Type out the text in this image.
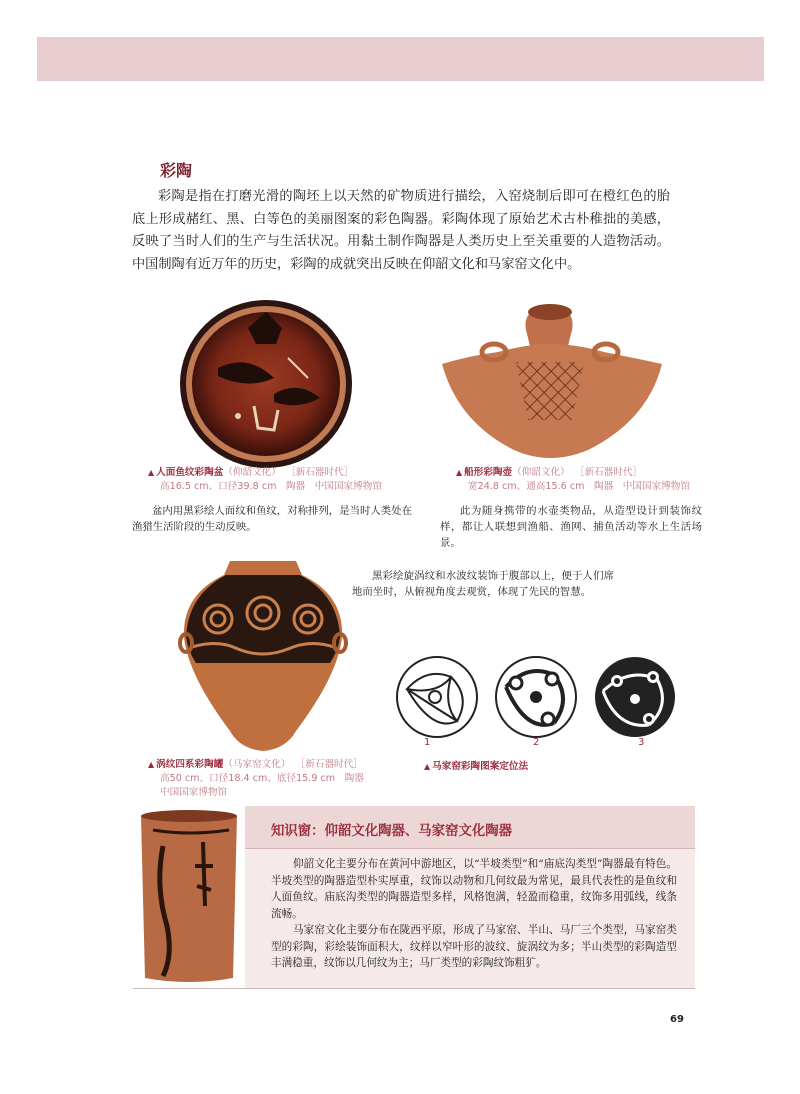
彩陶

彩陶是指在打磨光滑的陶坯上以天然的矿物质进行描绘，入窑烧制后即可在橙红色的胎底上形成赭红、黑、白等色的美丽图案的彩色陶器。彩陶体现了原始艺术古朴稚拙的美感，反映了当时人们的生产与生活状况。用黏土制作陶器是人类历史上至关重要的人造物活动。中国制陶有近万年的历史，彩陶的成就突出反映在仰韶文化和马家窑文化中。

▲ 人面鱼纹彩陶盆（仰韶文化） ［新石器时代］
高16.5 cm、口径39.8 cm　陶器　中国国家博物馆
盆内用黑彩绘人面纹和鱼纹，对称排列，是当时人类处在渔猎生活阶段的生动反映。
▲ 船形彩陶壶（仰韶文化） ［新石器时代］
宽24.8 cm、通高15.6 cm　陶器　中国国家博物馆
此为随身携带的水壶类物品，从造型设计到装饰纹样，都让人联想到渔船、渔网、捕鱼活动等水上生活场景。
黑彩绘旋涡纹和水波纹装饰于腹部以上，便于人们席地而坐时，从俯视角度去观赏，体现了先民的智慧。
1	2	3
▲ 涡纹四系彩陶罐（马家窑文化） ［新石器时代］
高50 cm、口径18.4 cm、底径15.9 cm　陶器
中国国家博物馆
▲ 马家窑彩陶图案定位法
知识窗：仰韶文化陶器、马家窑文化陶器

仰韶文化主要分布在黄河中游地区，以“半坡类型”和“庙底沟类型”陶器最有特色。半坡类型的陶器造型朴实厚重，纹饰以动物和几何纹最为常见，最具代表性的是鱼纹和人面鱼纹。庙底沟类型的陶器造型多样，风格饱满，轻盈而稳重，纹饰多用弧线，线条流畅。

马家窑文化主要分布在陇西平原，形成了马家窑、半山、马厂三个类型，马家窑类型的彩陶，彩绘装饰面积大，纹样以窄叶形的波纹、旋涡纹为多；半山类型的彩陶造型丰满稳重，纹饰以几何纹为主；马厂类型的彩陶纹饰粗犷。

69
